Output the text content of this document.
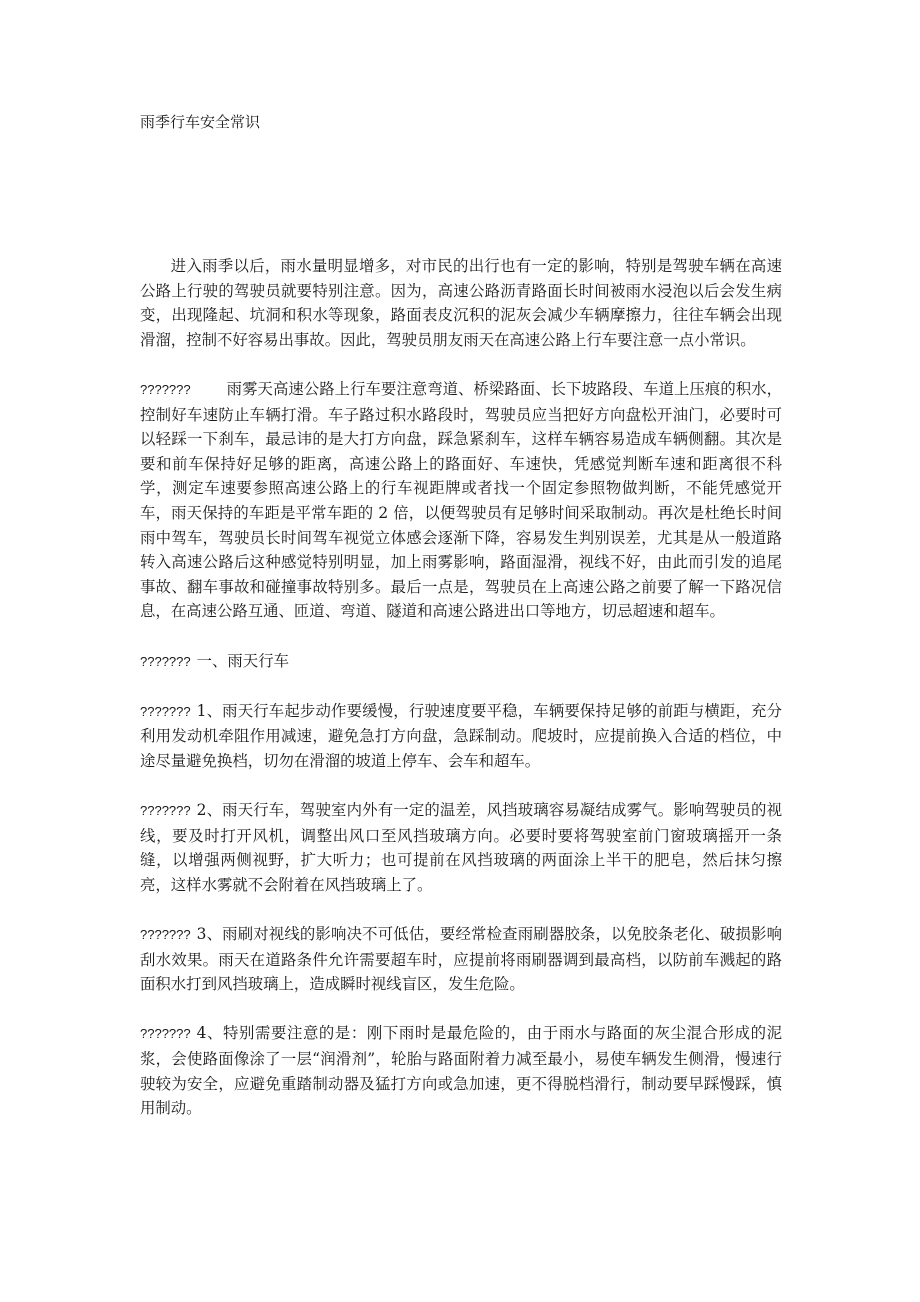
雨季行车安全常识

进入雨季以后，雨水量明显增多，对市民的出行也有一定的影响，特别是驾驶车辆在高速公路上行驶的驾驶员就要特别注意。因为，高速公路沥青路面长时间被雨水浸泡以后会发生病变，出现隆起、坑洞和积水等现象，路面表皮沉积的泥灰会减少车辆摩擦力，往往车辆会出现滑溜，控制不好容易出事故。因此，驾驶员朋友雨天在高速公路上行车要注意一点小常识。

??????? 雨雾天高速公路上行车要注意弯道、桥梁路面、长下坡路段、车道上压痕的积水，控制好车速防止车辆打滑。车子路过积水路段时，驾驶员应当把好方向盘松开油门，必要时可以轻踩一下刹车，最忌讳的是大打方向盘，踩急紧刹车，这样车辆容易造成车辆侧翻。其次是要和前车保持好足够的距离，高速公路上的路面好、车速快，凭感觉判断车速和距离很不科学，测定车速要参照高速公路上的行车视距牌或者找一个固定参照物做判断，不能凭感觉开车，雨天保持的车距是平常车距的 2 倍，以便驾驶员有足够时间采取制动。再次是杜绝长时间雨中驾车，驾驶员长时间驾车视觉立体感会逐渐下降，容易发生判别误差，尤其是从一般道路转入高速公路后这种感觉特别明显，加上雨雾影响，路面湿滑，视线不好，由此而引发的追尾事故、翻车事故和碰撞事故特别多。最后一点是，驾驶员在上高速公路之前要了解一下路况信息，在高速公路互通、匝道、弯道、隧道和高速公路进出口等地方，切忌超速和超车。

??????? 一、雨天行车

??????? 1、雨天行车起步动作要缓慢，行驶速度要平稳，车辆要保持足够的前距与横距，充分利用发动机牵阻作用减速，避免急打方向盘，急踩制动。爬坡时，应提前换入合适的档位，中途尽量避免换档，切勿在滑溜的坡道上停车、会车和超车。

??????? 2、雨天行车，驾驶室内外有一定的温差，风挡玻璃容易凝结成雾气。影响驾驶员的视线，要及时打开风机，调整出风口至风挡玻璃方向。必要时要将驾驶室前门窗玻璃摇开一条缝，以增强两侧视野，扩大听力；也可提前在风挡玻璃的两面涂上半干的肥皂，然后抹匀擦亮，这样水雾就不会附着在风挡玻璃上了。

??????? 3、雨刷对视线的影响决不可低估，要经常检查雨刷器胶条，以免胶条老化、破损影响刮水效果。雨天在道路条件允许需要超车时，应提前将雨刷器调到最高档，以防前车溅起的路面积水打到风挡玻璃上，造成瞬时视线盲区，发生危险。

??????? 4、特别需要注意的是：刚下雨时是最危险的，由于雨水与路面的灰尘混合形成的泥浆，会使路面像涂了一层“润滑剂”，轮胎与路面附着力减至最小，易使车辆发生侧滑，慢速行驶较为安全，应避免重踏制动器及猛打方向或急加速，更不得脱档滑行，制动要早踩慢踩，慎用制动。
